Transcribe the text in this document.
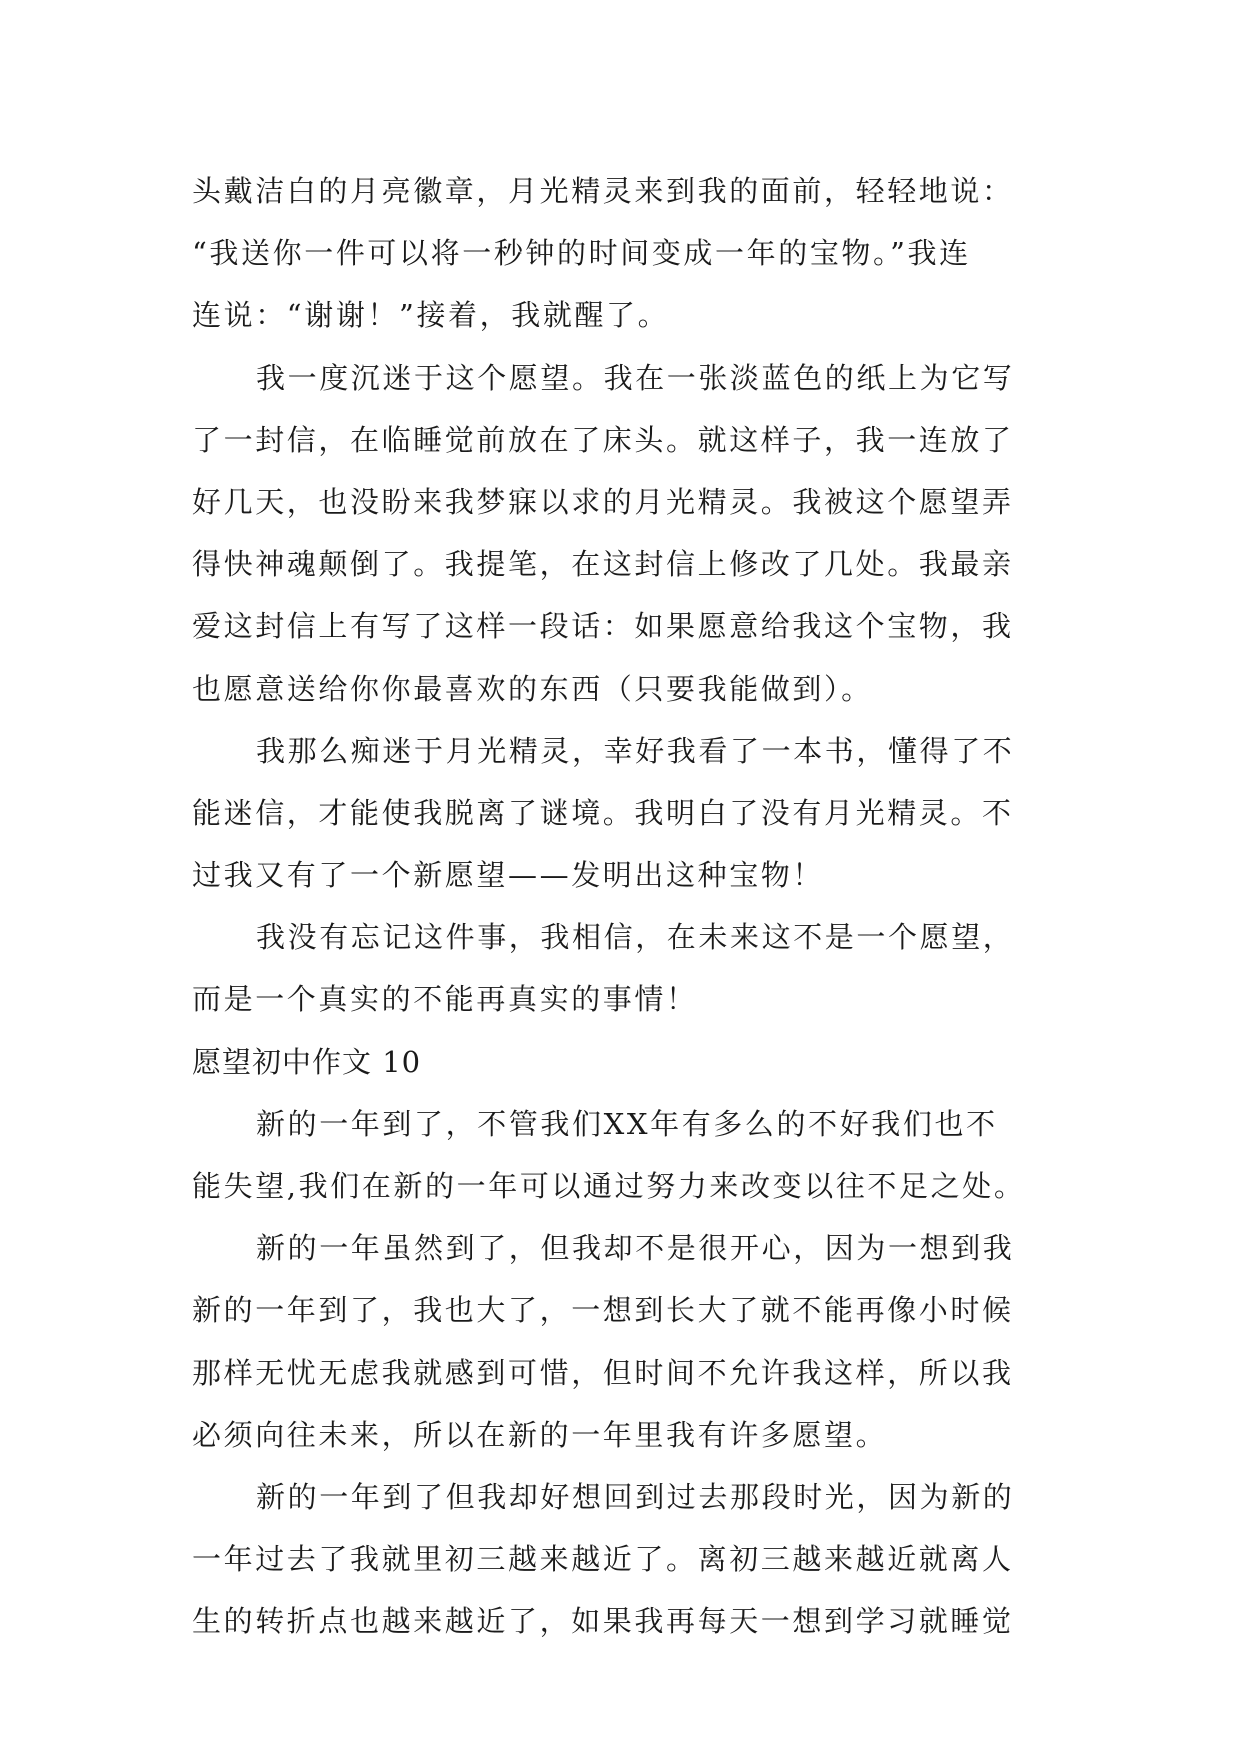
头戴洁白的月亮徽章，月光精灵来到我的面前，轻轻地说：
“我送你一件可以将一秒钟的时间变成一年的宝物。”我连
连说：“谢谢！”接着，我就醒了。
我一度沉迷于这个愿望。我在一张淡蓝色的纸上为它写
了一封信，在临睡觉前放在了床头。就这样子，我一连放了
好几天，也没盼来我梦寐以求的月光精灵。我被这个愿望弄
得快神魂颠倒了。我提笔，在这封信上修改了几处。我最亲
爱这封信上有写了这样一段话：如果愿意给我这个宝物，我
也愿意送给你你最喜欢的东西（只要我能做到）。
我那么痴迷于月光精灵，幸好我看了一本书，懂得了不
能迷信，才能使我脱离了谜境。我明白了没有月光精灵。不
过我又有了一个新愿望——发明出这种宝物！
我没有忘记这件事，我相信，在未来这不是一个愿望，
而是一个真实的不能再真实的事情！
愿望初中作文 10
新的一年到了，不管我们XX年有多么的不好我们也不
能失望,我们在新的一年可以通过努力来改变以往不足之处。
新的一年虽然到了，但我却不是很开心，因为一想到我
新的一年到了，我也大了，一想到长大了就不能再像小时候
那样无忧无虑我就感到可惜，但时间不允许我这样，所以我
必须向往未来，所以在新的一年里我有许多愿望。
新的一年到了但我却好想回到过去那段时光，因为新的
一年过去了我就里初三越来越近了。离初三越来越近就离人
生的转折点也越来越近了，如果我再每天一想到学习就睡觉
